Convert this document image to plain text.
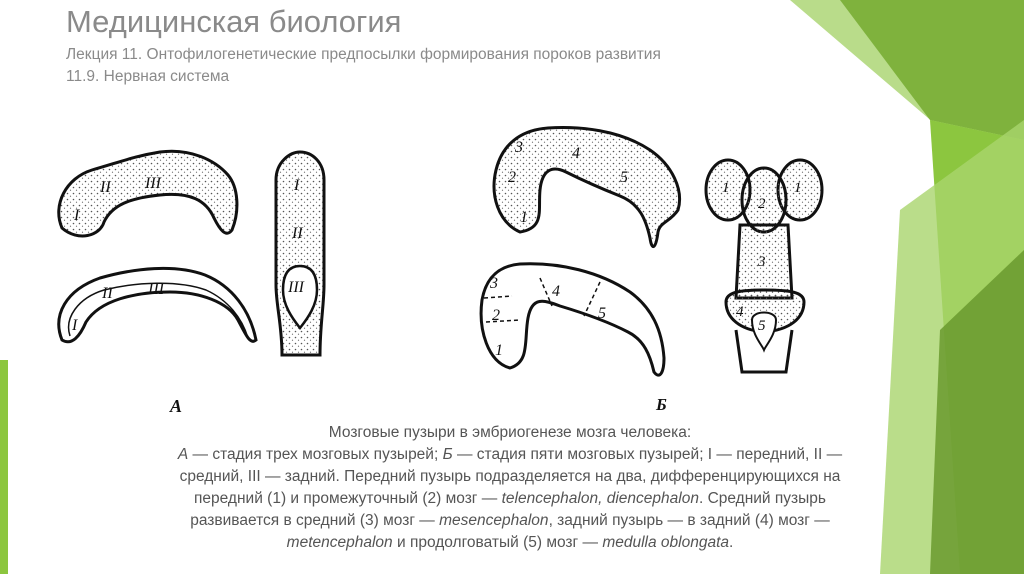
Медицинская биология
Лекция 11. Онтофилогенетические предпосылки формирования пороков развития
11.9. Нервная система
I
II III
I
II III
I
II
III
А
1
2
3	4
5
1
2
3	4
5
1	1
2
3
4
5
Б
Мозговые пузыри в эмбриогенезе мозга человека:
А — стадия трех мозговых пузырей; Б — стадия пяти мозговых пузырей; I — передний, II —
средний, III — задний. Передний пузырь подразделяется на два, дифференцирующихся на
передний (1) и промежуточный (2) мозг — telencephalon, diencephalon. Средний пузырь
развивается в средний (3) мозг — mesencephalon, задний пузырь — в задний (4) мозг —
metencephalon и продолговатый (5) мозг — medulla oblongata.
